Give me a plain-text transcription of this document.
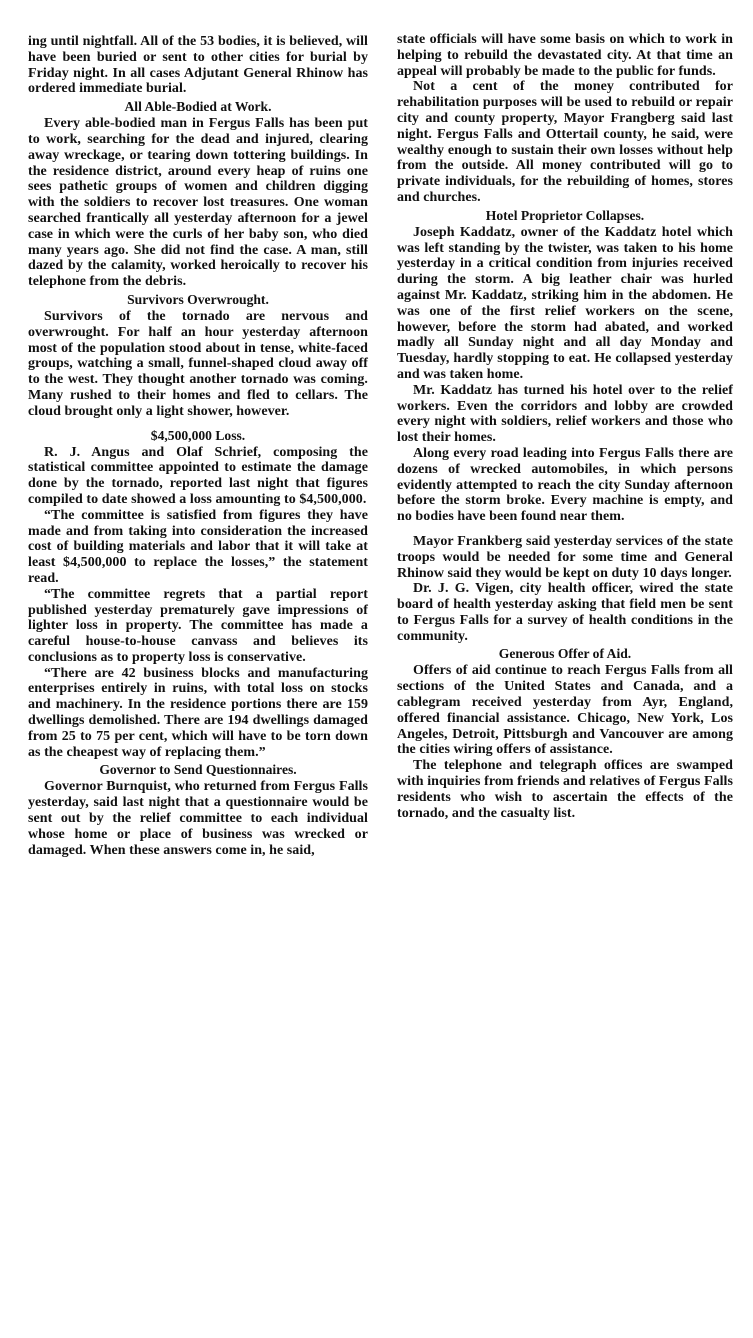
ing until nightfall. All of the 53 bodies, it is believed, will have been buried or sent to other cities for burial by Friday night. In all cases Adjutant General Rhinow has ordered immediate burial.

All Able-Bodied at Work.

Every able-bodied man in Fergus Falls has been put to work, searching for the dead and injured, clearing away wreckage, or tearing down tottering buildings. In the residence district, around every heap of ruins one sees pathetic groups of women and children digging with the soldiers to recover lost treasures. One woman searched frantically all yesterday afternoon for a jewel case in which were the curls of her baby son, who died many years ago. She did not find the case. A man, still dazed by the calamity, worked heroically to recover his telephone from the debris.

Survivors Overwrought.

Survivors of the tornado are nervous and overwrought. For half an hour yesterday afternoon most of the population stood about in tense, white-faced groups, watching a small, funnel-shaped cloud away off to the west. They thought another tornado was coming. Many rushed to their homes and fled to cellars. The cloud brought only a light shower, however.

$4,500,000 Loss.

R. J. Angus and Olaf Schrief, composing the statistical committee appointed to estimate the damage done by the tornado, reported last night that figures compiled to date showed a loss amounting to $4,500,000.

“The committee is satisfied from figures they have made and from taking into consideration the increased cost of building materials and labor that it will take at least $4,500,000 to replace the losses,” the statement read.

“The committee regrets that a partial report published yesterday prematurely gave impressions of lighter loss in property. The committee has made a careful house-to-house canvass and believes its conclusions as to property loss is conservative.

“There are 42 business blocks and manufacturing enterprises entirely in ruins, with total loss on stocks and machinery. In the residence portions there are 159 dwellings demolished. There are 194 dwellings damaged from 25 to 75 per cent, which will have to be torn down as the cheapest way of replacing them.”

Governor to Send Questionnaires.

Governor Burnquist, who returned from Fergus Falls yesterday, said last night that a questionnaire would be sent out by the relief committee to each individual whose home or place of business was wrecked or damaged. When these answers come in, he said,

state officials will have some basis on which to work in helping to rebuild the devastated city. At that time an appeal will probably be made to the public for funds.

Not a cent of the money contributed for rehabilitation purposes will be used to rebuild or repair city and county property, Mayor Frangberg said last night. Fergus Falls and Ottertail county, he said, were wealthy enough to sustain their own losses without help from the outside. All money contributed will go to private individuals, for the rebuilding of homes, stores and churches.

Hotel Proprietor Collapses.

Joseph Kaddatz, owner of the Kaddatz hotel which was left standing by the twister, was taken to his home yesterday in a critical condition from injuries received during the storm. A big leather chair was hurled against Mr. Kaddatz, striking him in the abdomen. He was one of the first relief workers on the scene, however, before the storm had abated, and worked madly all Sunday night and all day Monday and Tuesday, hardly stopping to eat. He collapsed yesterday and was taken home.

Mr. Kaddatz has turned his hotel over to the relief workers. Even the corridors and lobby are crowded every night with soldiers, relief workers and those who lost their homes.

Along every road leading into Fergus Falls there are dozens of wrecked automobiles, in which persons evidently attempted to reach the city Sunday afternoon before the storm broke. Every machine is empty, and no bodies have been found near them.

Mayor Frankberg said yesterday services of the state troops would be needed for some time and General Rhinow said they would be kept on duty 10 days longer.

Dr. J. G. Vigen, city health officer, wired the state board of health yesterday asking that field men be sent to Fergus Falls for a survey of health conditions in the community.

Generous Offer of Aid.

Offers of aid continue to reach Fergus Falls from all sections of the United States and Canada, and a cablegram received yesterday from Ayr, England, offered financial assistance. Chicago, New York, Los Angeles, Detroit, Pittsburgh and Vancouver are among the cities wiring offers of assistance.

The telephone and telegraph offices are swamped with inquiries from friends and relatives of Fergus Falls residents who wish to ascertain the effects of the tornado, and the casualty list.
